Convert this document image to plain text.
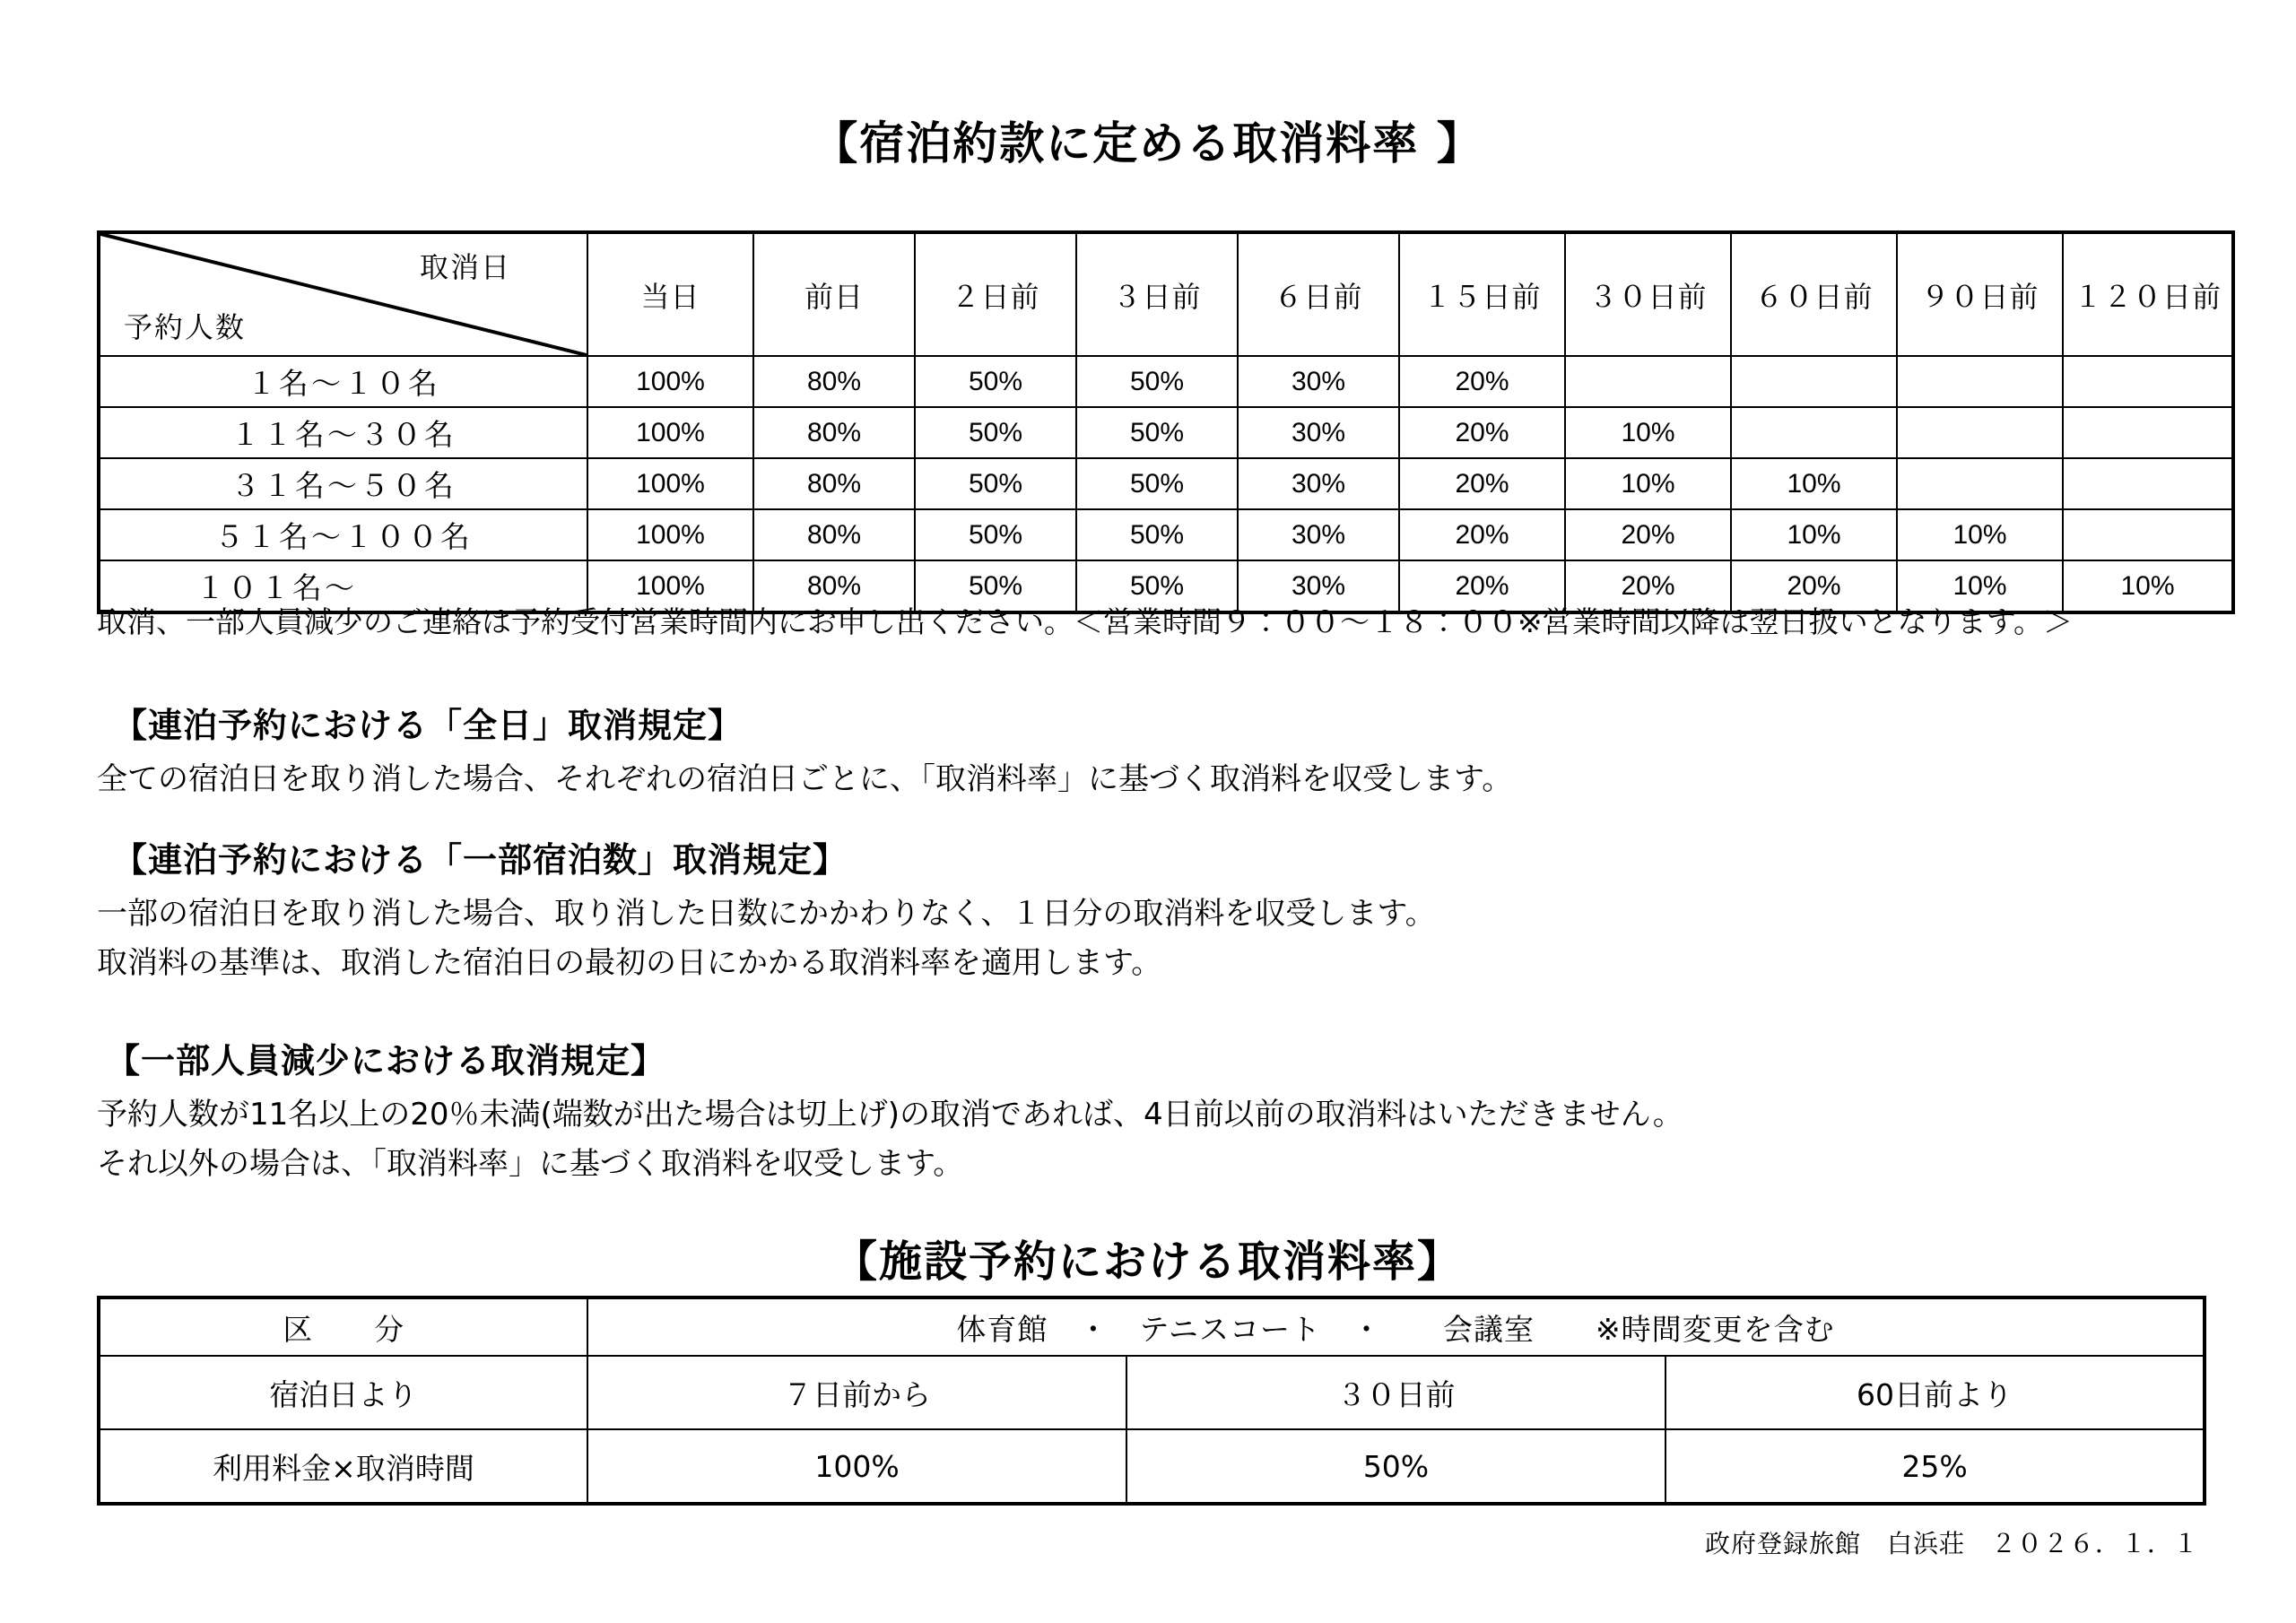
【宿泊約款に定める取消料率 】
取消日
予約人数	当日	前日	２日前	３日前	６日前	１５日前	３０日前	６０日前	９０日前	１２０日前
１名～１０名	100%	80%	50%	50%	30%	20%				
１１名～３０名	100%	80%	50%	50%	30%	20%	10%			
３１名～５０名	100%	80%	50%	50%	30%	20%	10%	10%		
５１名～１００名	100%	80%	50%	50%	30%	20%	20%	10%	10%	
１０１名～	100%	80%	50%	50%	30%	20%	20%	20%	10%	10%
取消、一部人員減少のご連絡は予約受付営業時間内にお申し出ください。＜営業時間９：００～１８：００※営業時間以降は翌日扱いとなります。＞
【連泊予約における「全日」取消規定】

全ての宿泊日を取り消した場合、それぞれの宿泊日ごとに、「取消料率」に基づく取消料を収受します。

【連泊予約における「一部宿泊数」取消規定】

一部の宿泊日を取り消した場合、取り消した日数にかかわりなく、１日分の取消料を収受します。

取消料の基準は、取消した宿泊日の最初の日にかかる取消料率を適用します。

【一部人員減少における取消規定】

予約人数が11名以上の20％未満(端数が出た場合は切上げ)の取消であれば、4日前以前の取消料はいただきません。

それ以外の場合は、「取消料率」に基づく取消料を収受します。

【施設予約における取消料率】
区　　分	体育館　・　テニスコート　・　　会議室　　※時間変更を含む		
宿泊日より	７日前から	３０日前	60日前より
利用料金×取消時間	100%	50%	25%
政府登録旅館　白浜荘　２０２６．１．１
